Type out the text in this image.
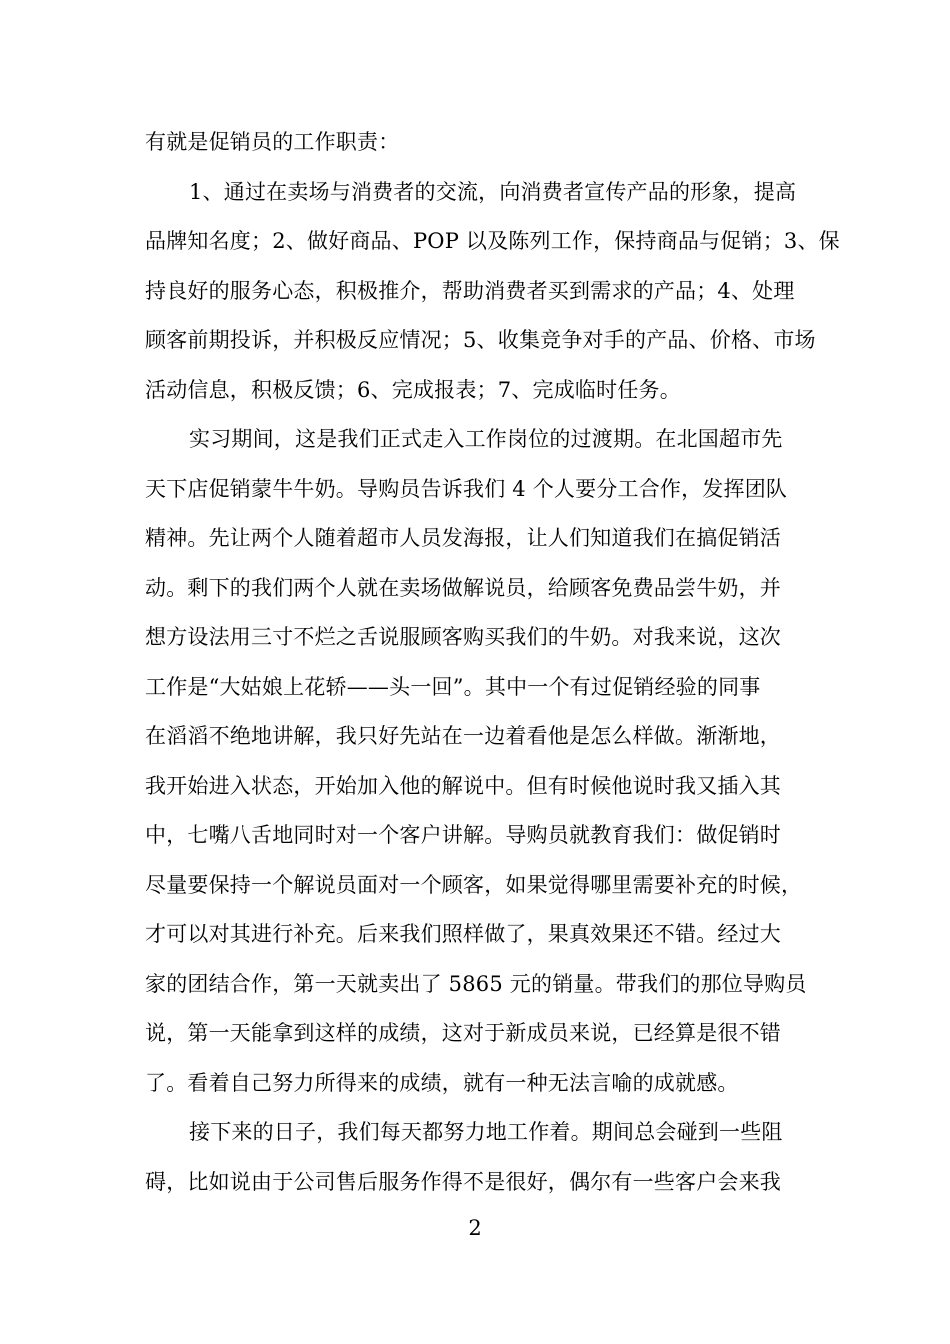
有就是促销员的工作职责：
1、通过在卖场与消费者的交流，向消费者宣传产品的形象，提高
品牌知名度；2、做好商品、POP 以及陈列工作，保持商品与促销；3、保
持良好的服务心态，积极推介，帮助消费者买到需求的产品；4、处理
顾客前期投诉，并积极反应情况；5、收集竞争对手的产品、价格、市场
活动信息，积极反馈；6、完成报表；7、完成临时任务。
实习期间，这是我们正式走入工作岗位的过渡期。在北国超市先
天下店促销蒙牛牛奶。导购员告诉我们 4 个人要分工合作，发挥团队
精神。先让两个人随着超市人员发海报，让人们知道我们在搞促销活
动。剩下的我们两个人就在卖场做解说员，给顾客免费品尝牛奶，并
想方设法用三寸不烂之舌说服顾客购买我们的牛奶。对我来说，这次
工作是“大姑娘上花轿——头一回”。其中一个有过促销经验的同事
在滔滔不绝地讲解，我只好先站在一边着看他是怎么样做。渐渐地，
我开始进入状态，开始加入他的解说中。但有时候他说时我又插入其
中，七嘴八舌地同时对一个客户讲解。导购员就教育我们：做促销时
尽量要保持一个解说员面对一个顾客，如果觉得哪里需要补充的时候，
才可以对其进行补充。后来我们照样做了，果真效果还不错。经过大
家的团结合作，第一天就卖出了 5865 元的销量。带我们的那位导购员
说，第一天能拿到这样的成绩，这对于新成员来说，已经算是很不错
了。看着自己努力所得来的成绩，就有一种无法言喻的成就感。
接下来的日子，我们每天都努力地工作着。期间总会碰到一些阻
碍，比如说由于公司售后服务作得不是很好，偶尔有一些客户会来我
2
